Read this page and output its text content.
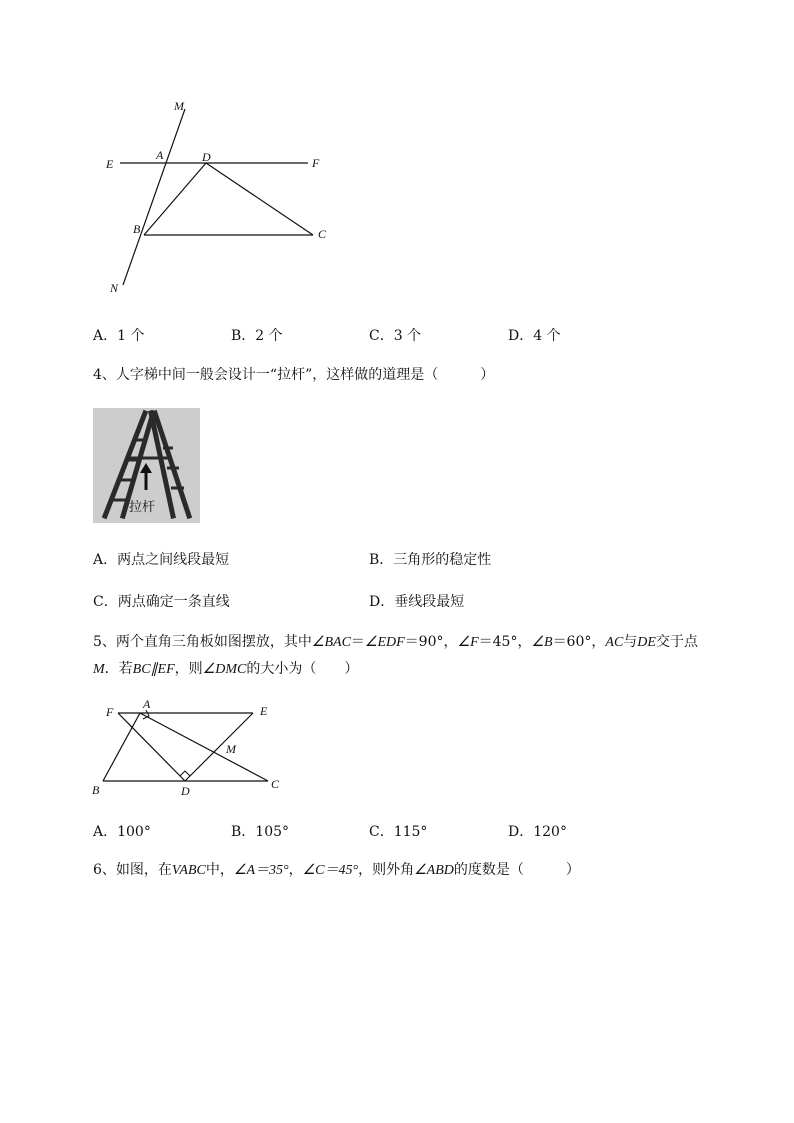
M
E
A	D	F
B	C
N
A．1 个	B．2 个	C．3 个	D．4 个
4、人字梯中间一般会设计一“拉杆”，这样做的道理是（　　　）
拉杆
A．两点之间线段最短	B．三角形的稳定性
C．两点确定一条直线	D．垂线段最短
5、两个直角三角板如图摆放，其中∠BAC＝∠EDF＝90°，∠F＝45°，∠B＝60°，AC与DE交于点
M．若BC∥EF，则∠DMC的大小为（　　）
F
A	E
M
B	D	C
A．100°	B．105°	C．115°	D．120°
6、如图，在VABC中，∠A＝35°，∠C＝45°，则外角∠ABD的度数是（　　　）
